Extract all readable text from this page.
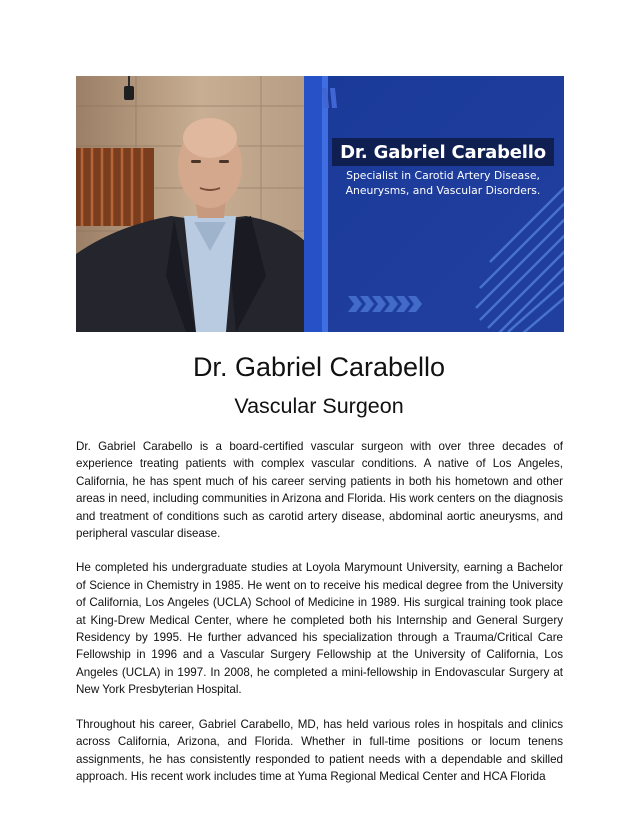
Dr. Gabriel Carabello
Specialist in Carotid Artery Disease,
Aneurysms, and Vascular Disorders.
Dr. Gabriel Carabello
Vascular Surgeon

Dr. Gabriel Carabello is a board-certified vascular surgeon with over three decades of experience treating patients with complex vascular conditions. A native of Los Angeles, California, he has spent much of his career serving patients in both his hometown and other areas in need, including communities in Arizona and Florida. His work centers on the diagnosis and treatment of conditions such as carotid artery disease, abdominal aortic aneurysms, and peripheral vascular disease.

He completed his undergraduate studies at Loyola Marymount University, earning a Bachelor of Science in Chemistry in 1985. He went on to receive his medical degree from the University of California, Los Angeles (UCLA) School of Medicine in 1989. His surgical training took place at King-Drew Medical Center, where he completed both his Internship and General Surgery Residency by 1995. He further advanced his specialization through a Trauma/Critical Care Fellowship in 1996 and a Vascular Surgery Fellowship at the University of California, Los Angeles (UCLA) in 1997. In 2008, he completed a mini-fellowship in Endovascular Surgery at New York Presbyterian Hospital.

Throughout his career, Gabriel Carabello, MD, has held various roles in hospitals and clinics across California, Arizona, and Florida. Whether in full-time positions or locum tenens assignments, he has consistently responded to patient needs with a dependable and skilled approach. His recent work includes time at Yuma Regional Medical Center and HCA Florida
